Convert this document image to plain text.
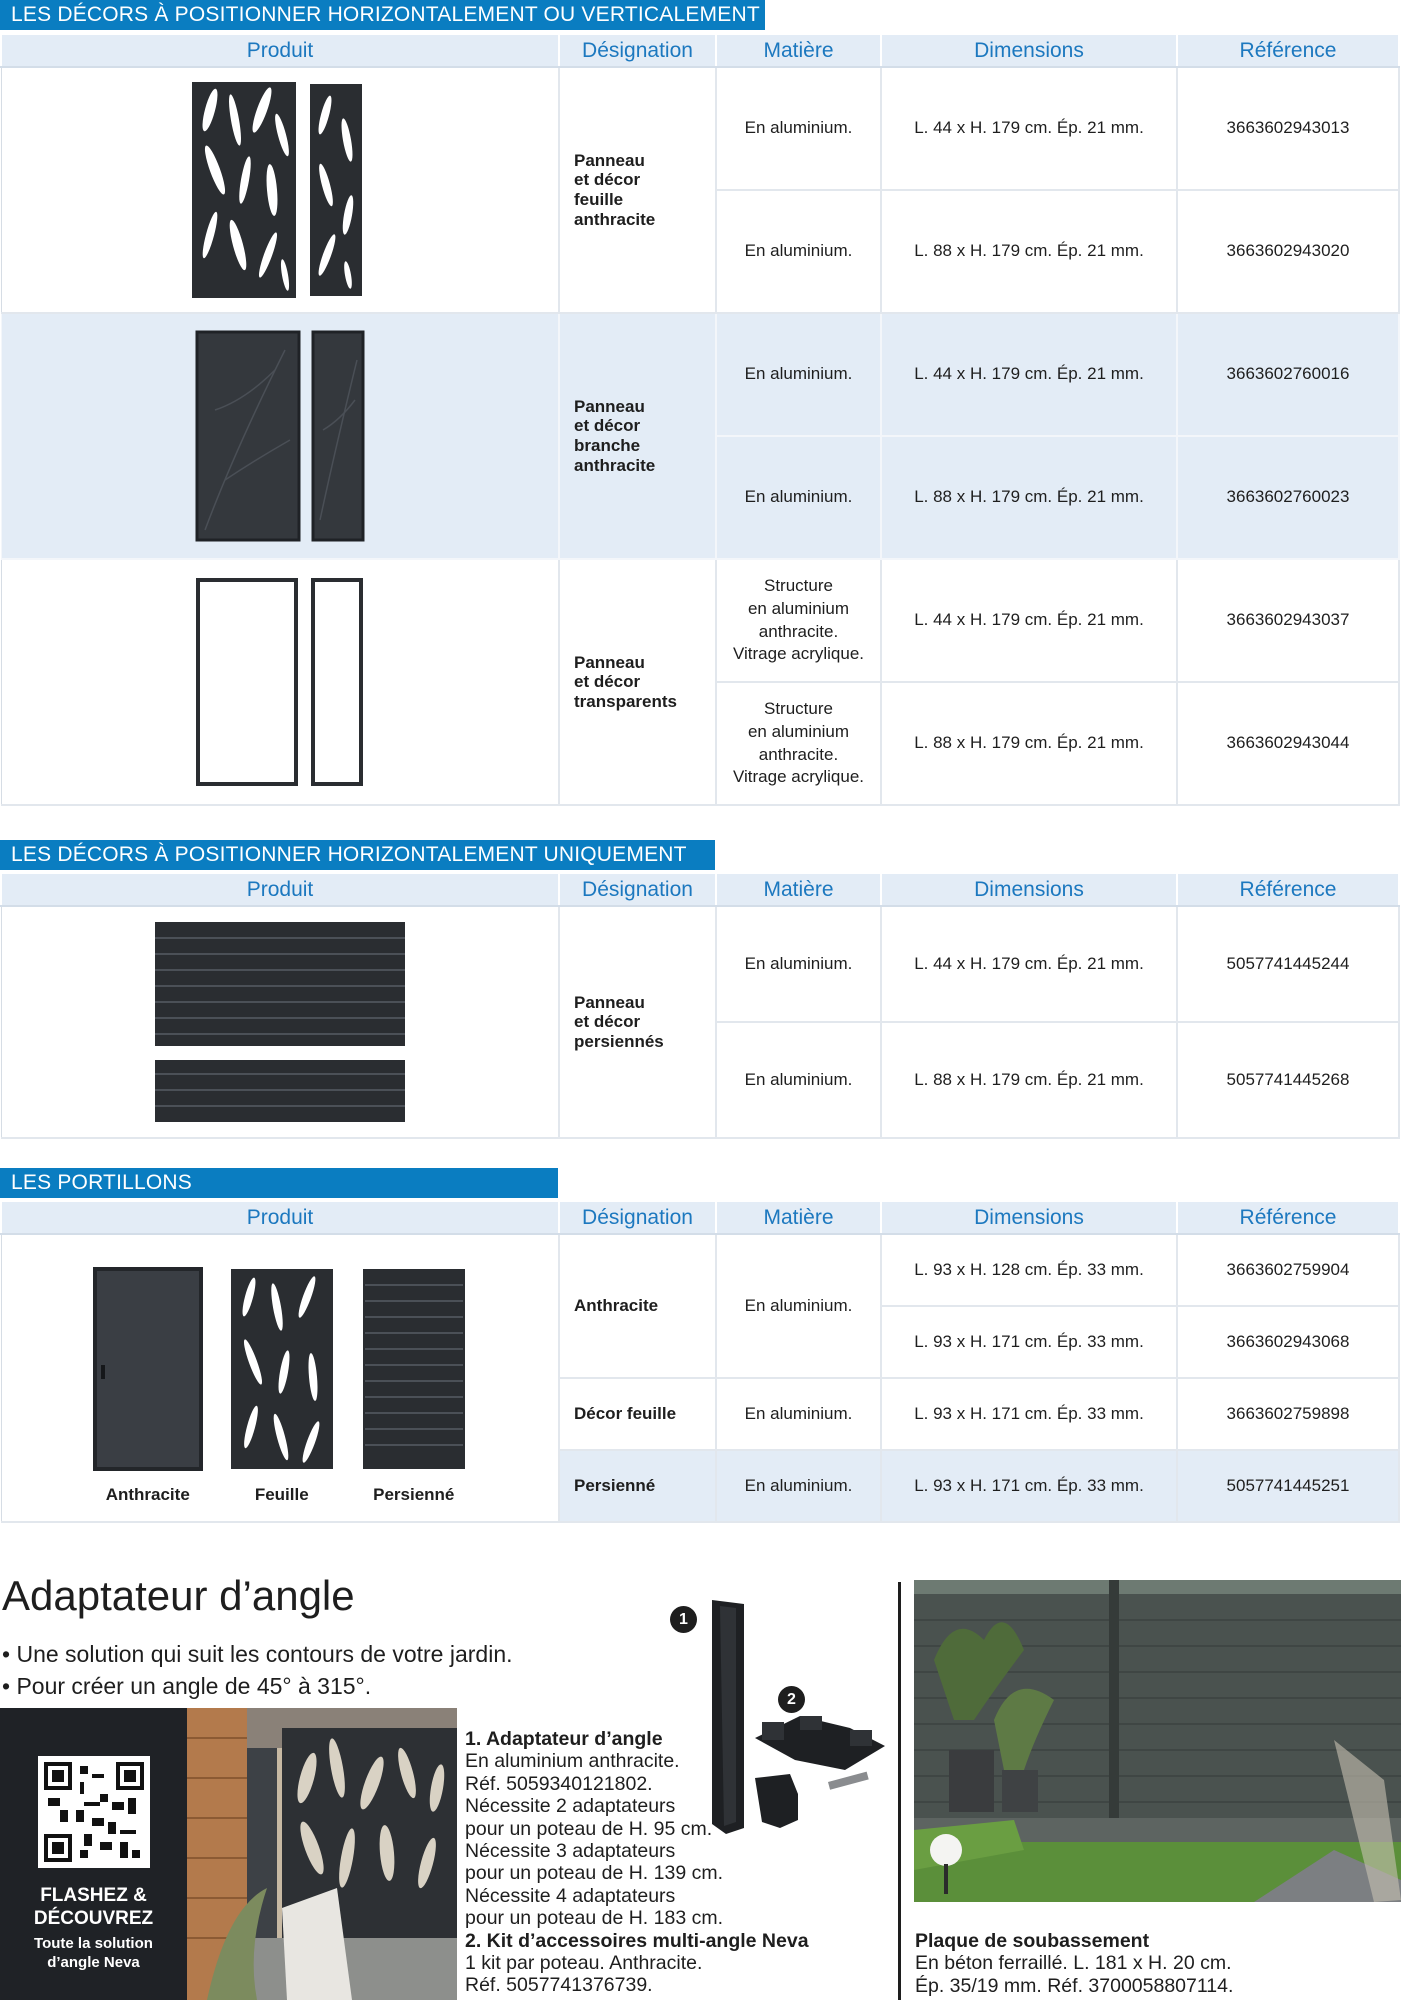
LES DÉCORS À POSITIONNER HORIZONTALEMENT OU VERTICALEMENT
Produit	Désignation	Matière	Dimensions	Référence
	Panneau
et décor
feuille
anthracite	En aluminium.	L. 44 x H. 179 cm. Ép. 21 mm.	3663602943013
		En aluminium.	L. 88 x H. 179 cm. Ép. 21 mm.	3663602943020
	Panneau
et décor
branche
anthracite	En aluminium.	L. 44 x H. 179 cm. Ép. 21 mm.	3663602760016
		En aluminium.	L. 88 x H. 179 cm. Ép. 21 mm.	3663602760023
	Panneau
et décor
transparents	Structure
en aluminium
anthracite.
Vitrage acrylique.	L. 44 x H. 179 cm. Ép. 21 mm.	3663602943037
		Structure
en aluminium
anthracite.
Vitrage acrylique.	L. 88 x H. 179 cm. Ép. 21 mm.	3663602943044
LES DÉCORS À POSITIONNER HORIZONTALEMENT UNIQUEMENT
Produit	Désignation	Matière	Dimensions	Référence
	Panneau
et décor
persiennés	En aluminium.	L. 44 x H. 179 cm. Ép. 21 mm.	5057741445244
		En aluminium.	L. 88 x H. 179 cm. Ép. 21 mm.	5057741445268
LES PORTILLONS
Produit	Désignation	Matière	Dimensions	Référence

Anthracite Feuille Persienné	Anthracite	En aluminium.	L. 93 x H. 128 cm. Ép. 33 mm.	3663602759904
			L. 93 x H. 171 cm. Ép. 33 mm.	3663602943068
	Décor feuille	En aluminium.	L. 93 x H. 171 cm. Ép. 33 mm.	3663602759898
	Persienné	En aluminium.	L. 93 x H. 171 cm. Ép. 33 mm.	5057741445251
Adaptateur d’angle
• Une solution qui suit les contours de votre jardin.
• Pour créer un angle de 45° à 315°.
FLASHEZ &
DÉCOUVREZ
Toute la solution
d’angle Neva
1
2
1. Adaptateur d’angle
En aluminium anthracite.
Réf. 5059340121802.
Nécessite 2 adaptateurs
pour un poteau de H. 95 cm.
Nécessite 3 adaptateurs
pour un poteau de H. 139 cm.
Nécessite 4 adaptateurs
pour un poteau de H. 183 cm.
2. Kit d’accessoires multi-angle Neva
1 kit par poteau. Anthracite.
Réf. 5057741376739.
Plaque de soubassement
En béton ferraillé. L. 181 x H. 20 cm.
Ép. 35/19 mm. Réf. 3700058807114.
